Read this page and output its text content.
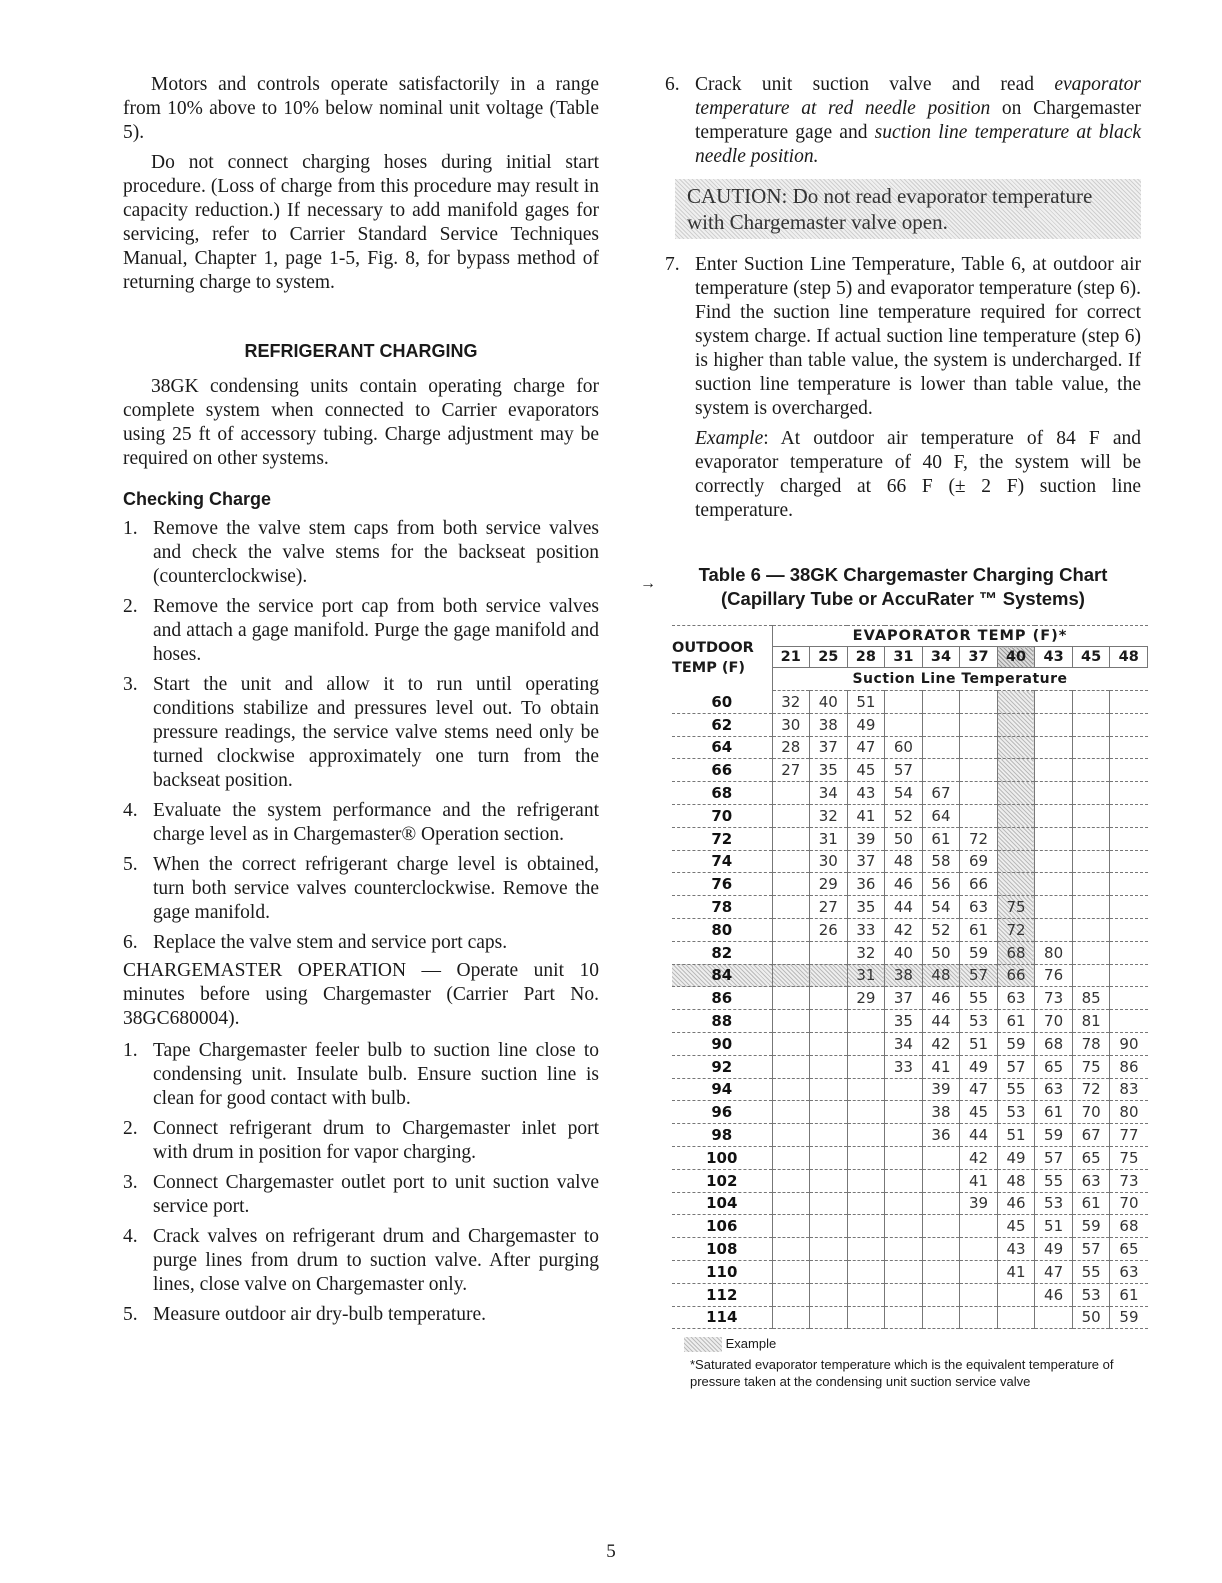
Motors and controls operate satisfactorily in a range from 10% above to 10% below nominal unit voltage (Table 5).

Do not connect charging hoses during initial start procedure. (Loss of charge from this procedure may result in capacity reduction.) If necessary to add manifold gages for servicing, refer to Carrier Standard Service Techniques Manual, Chapter 1, page 1-5, Fig. 8, for bypass method of returning charge to system.

REFRIGERANT CHARGING

38GK condensing units contain operating charge for complete system when connected to Carrier evaporators using 25 ft of accessory tubing. Charge adjustment may be required on other systems.

Checking Charge
1. Remove the valve stem caps from both service valves and check the valve stems for the backseat position (counterclockwise).
2. Remove the service port cap from both service valves and attach a gage manifold. Purge the gage manifold and hoses.
3. Start the unit and allow it to run until operating conditions stabilize and pressures level out. To obtain pressure readings, the service valve stems need only be turned clockwise approximately one turn from the backseat position.
4. Evaluate the system performance and the refrigerant charge level as in Chargemaster® Operation section.
5. When the correct refrigerant charge level is obtained, turn both service valves counterclockwise. Remove the gage manifold.
6. Replace the valve stem and service port caps.

CHARGEMASTER OPERATION — Operate unit 10 minutes before using Chargemaster (Carrier Part No. 38GC680004).

1. Tape Chargemaster feeler bulb to suction line close to condensing unit. Insulate bulb. Ensure suction line is clean for good contact with bulb.
2. Connect refrigerant drum to Chargemaster inlet port with drum in position for vapor charging.
3. Connect Chargemaster outlet port to unit suction valve service port.
4. Crack valves on refrigerant drum and Chargemaster to purge lines from drum to suction valve. After purging lines, close valve on Chargemaster only.
5. Measure outdoor air dry-bulb temperature.
6. Crack unit suction valve and read evaporator temperature at red needle position on Chargemaster temperature gage and suction line temperature at black needle position.
CAUTION: Do not read evaporator temperature with Chargemaster valve open.
7. Enter Suction Line Temperature, Table 6, at outdoor air temperature (step 5) and evaporator temperature (step 6). Find the suction line temperature required for correct system charge. If actual suction line temperature (step 6) is higher than table value, the system is undercharged. If suction line temperature is lower than table value, the system is overcharged.

Example: At outdoor air temperature of 84 F and evaporator temperature of 40 F, the system will be correctly charged at 66 F (± 2 F) suction line temperature.

→	Table 6 — 38GK Chargemaster Charging Chart
(Capillary Tube or AccuRater ™ Systems)
OUTDOOR TEMP (F)	EVAPORATOR TEMP (F)*									
	21	25	28	31	34	37	40	43	45	48
	Suction Line Temperature									
60	32	40	51							
62	30	38	49							
64	28	37	47	60						
66	27	35	45	57						
68		34	43	54	67					
70		32	41	52	64					
72		31	39	50	61	72				
74		30	37	48	58	69				
76		29	36	46	56	66				
78		27	35	44	54	63	75			
80		26	33	42	52	61	72			
82			32	40	50	59	68	80		
84			31	38	48	57	66	76		
86			29	37	46	55	63	73	85	
88				35	44	53	61	70	81	
90				34	42	51	59	68	78	90
92				33	41	49	57	65	75	86
94					39	47	55	63	72	83
96					38	45	53	61	70	80
98					36	44	51	59	67	77
100						42	49	57	65	75
102						41	48	55	63	73
104						39	46	53	61	70
106							45	51	59	68
108							43	49	57	65
110							41	47	55	63
112								46	53	61
114									50	59
Example
*Saturated evaporator temperature which is the equivalent temperature of pressure taken at the condensing unit suction service valve
5
